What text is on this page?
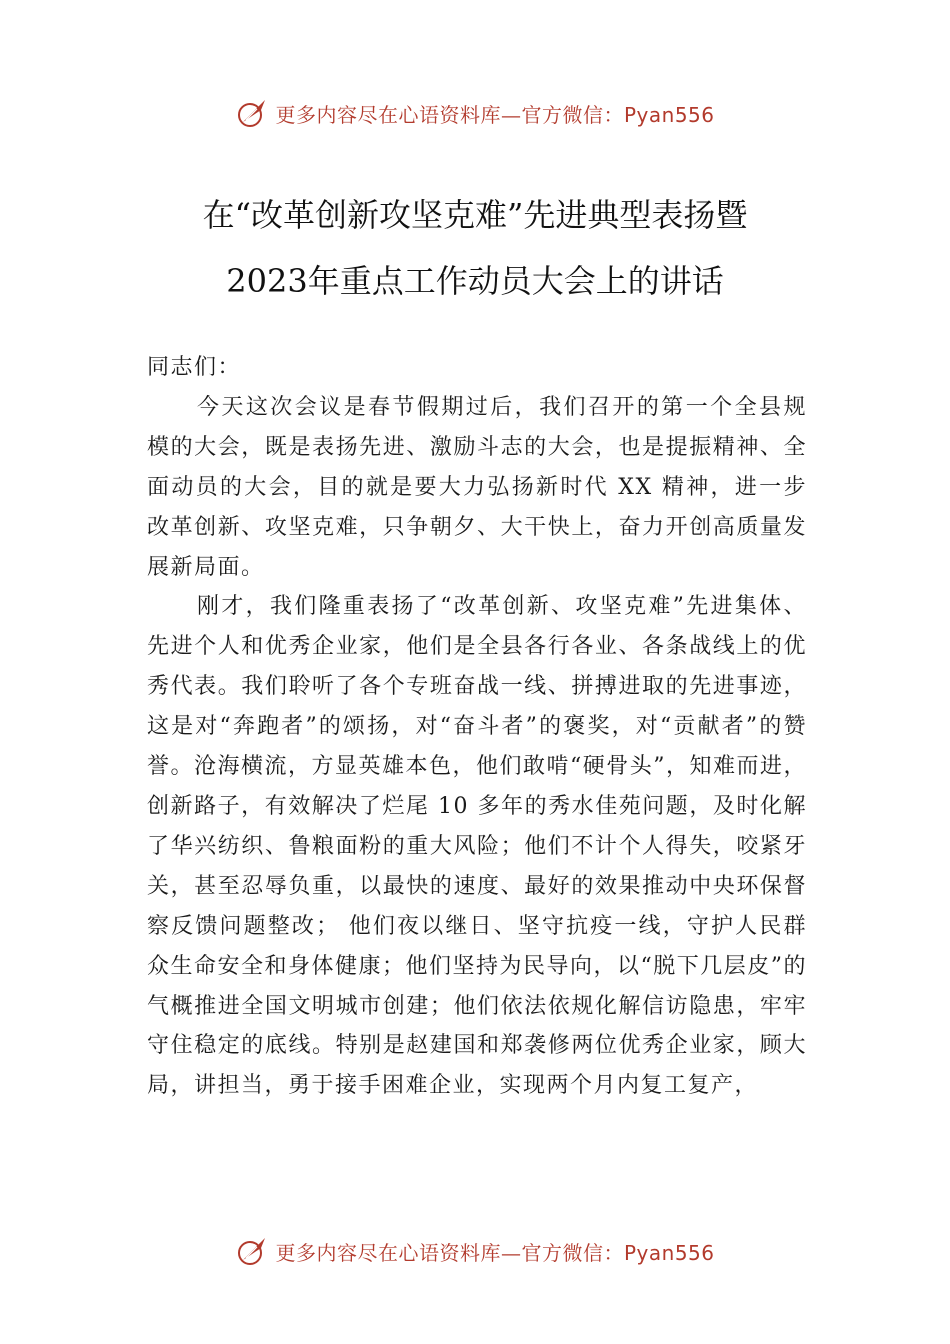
更多内容尽在心语资料库—官方微信：Pyan556
在“改革创新攻坚克难”先进典型表扬暨
2023年重点工作动员大会上的讲话

同志们：

今天这次会议是春节假期过后，我们召开的第一个全县规模的大会，既是表扬先进、激励斗志的大会，也是提振精神、全面动员的大会，目的就是要大力弘扬新时代 XX 精神，进一步改革创新、攻坚克难，只争朝夕、大干快上，奋力开创高质量发展新局面。

刚才，我们隆重表扬了“改革创新、攻坚克难”先进集体、先进个人和优秀企业家，他们是全县各行各业、各条战线上的优秀代表。我们聆听了各个专班奋战一线、拼搏进取的先进事迹，这是对“奔跑者”的颂扬，对“奋斗者”的褒奖，对“贡献者”的赞誉。沧海横流，方显英雄本色，他们敢啃“硬骨头”，知难而进，创新路子，有效解决了烂尾 10 多年的秀水佳苑问题，及时化解了华兴纺织、鲁粮面粉的重大风险；他们不计个人得失，咬紧牙关，甚至忍辱负重，以最快的速度、最好的效果推动中央环保督察反馈问题整改； 他们夜以继日、坚守抗疫一线，守护人民群众生命安全和身体健康；他们坚持为民导向，以“脱下几层皮”的气概推进全国文明城市创建；他们依法依规化解信访隐患，牢牢守住稳定的底线。特别是赵建国和郑袭修两位优秀企业家，顾大局，讲担当，勇于接手困难企业，实现两个月内复工复产，

更多内容尽在心语资料库—官方微信：Pyan556
